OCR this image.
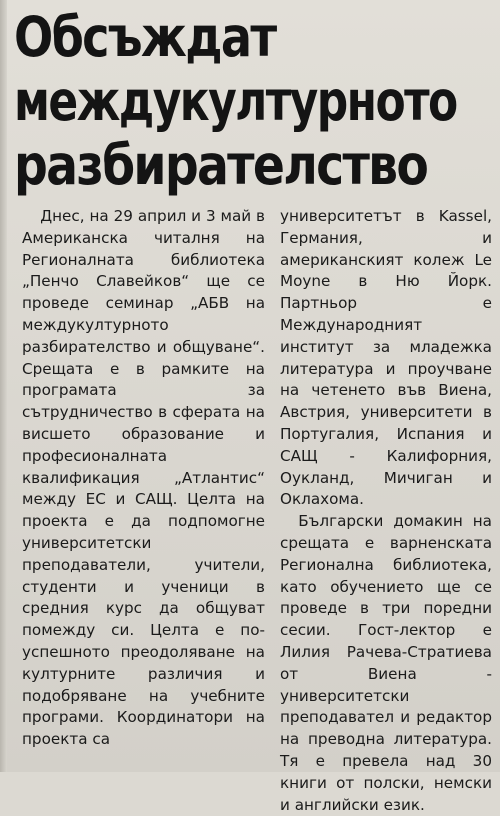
Обсъждат
междукултурното
разбирателство

Днес, на 29 април и 3 май в Американска читалня на Регионалната библиотека „Пенчо Славейков“ ще се проведе семинар „АБВ на междукултурното разбирателство и общуване“. Срещата е в рамките на програмата за сътрудничество в сферата на висшето образование и професионалната квалификация „Атлантис“ между ЕС и САЩ. Целта на проекта е да подпомогне университетски преподаватели, учители, студенти и ученици в средния курс да общуват помежду си. Целта е по-успешното преодоляване на културните различия и подобряване на учебните програми. Координатори на проекта са

университетът в Kassel, Германия, и американският колеж Le Moyne в Ню Йорк. Партньор е Международният институт за младежка литература и проучване на четенето във Виена, Австрия, университети в Португалия, Испания и САЩ - Калифорния, Оукланд, Мичиган и Оклахома.

Български домакин на срещата е варненската Регионална библиотека, като обучението ще се проведе в три поредни сесии. Гост-лектор е Лилия Рачева-Стратиева от Виена - университетски преподавател и редактор на преводна литература. Тя е превела над 30 книги от полски, немски и английски език.
